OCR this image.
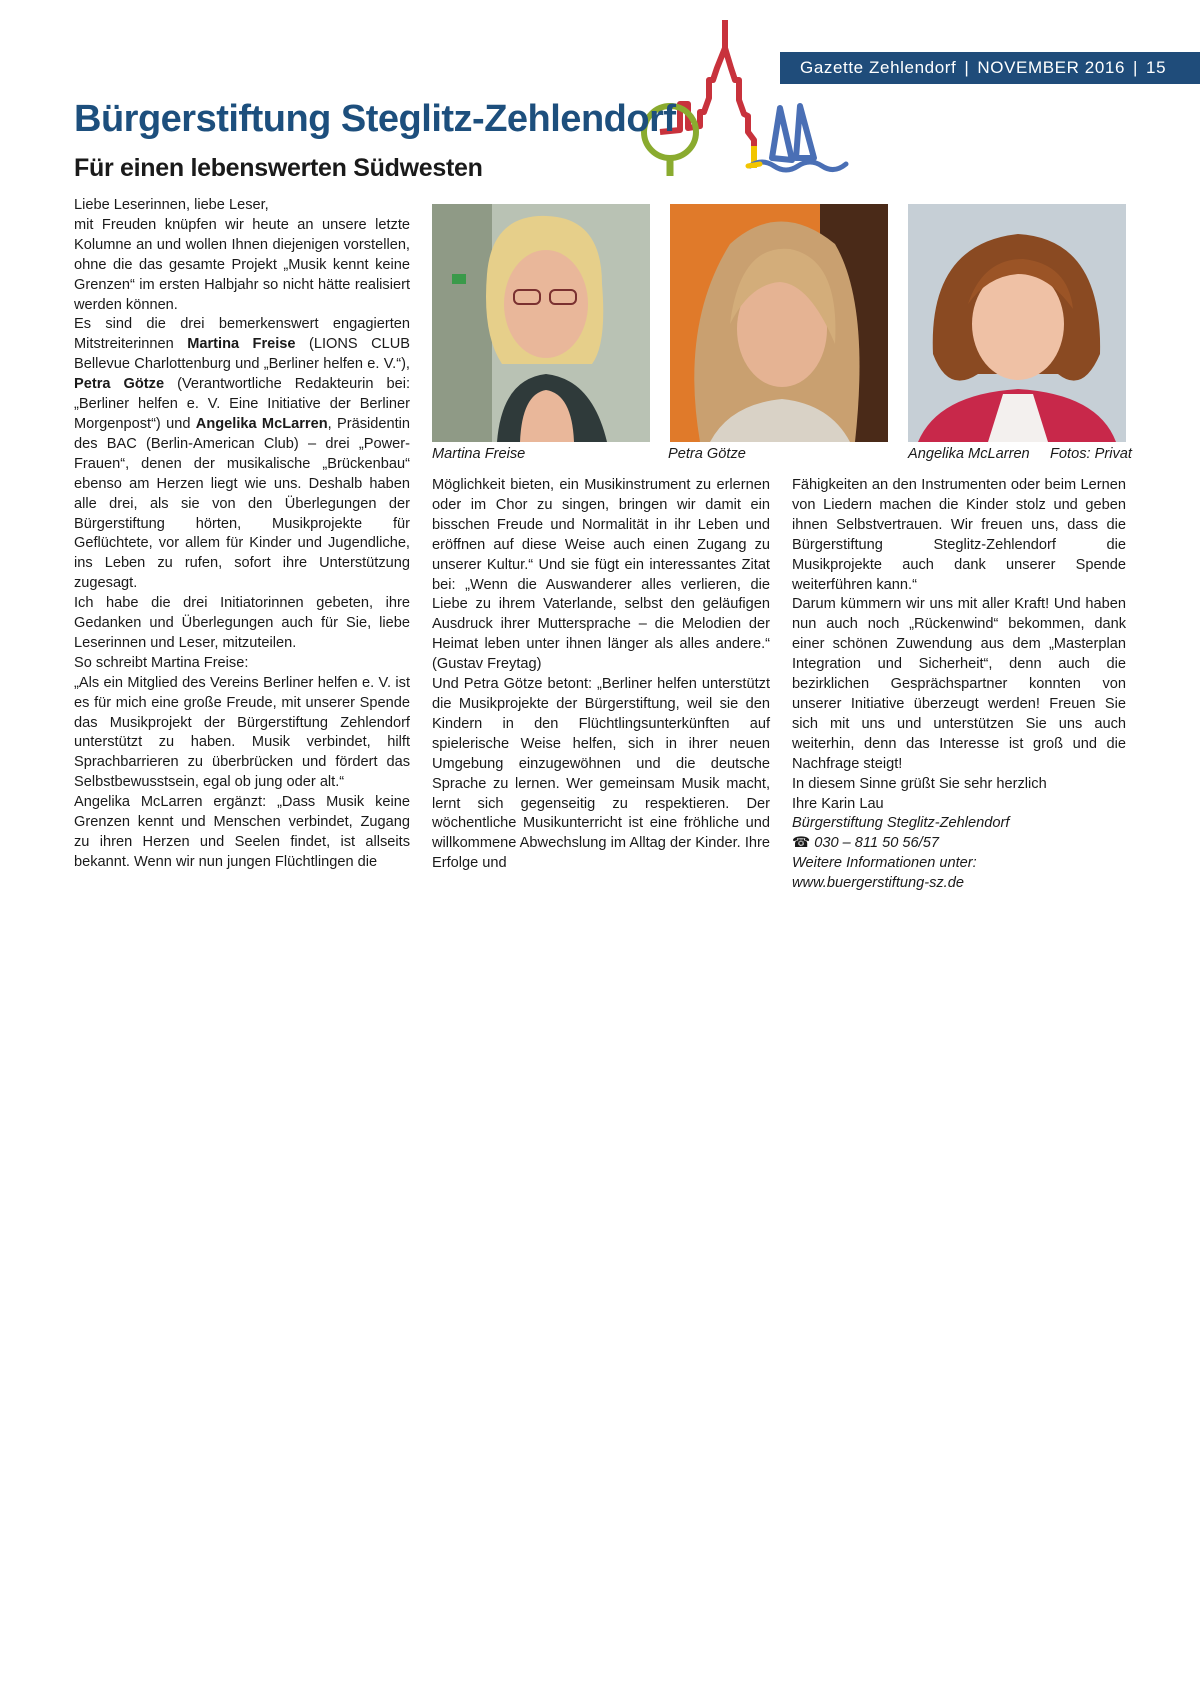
Gazette Zehlendorf | NOVEMBER 2016 | 15
Bürgerstiftung Steglitz-Zehlendorf
Für einen lebenswerten Südwesten

Liebe Leserinnen, liebe Leser,

mit Freuden knüpfen wir heute an unsere letzte Kolumne an und wollen Ihnen diejenigen vorstellen, ohne die das gesamte Projekt „Musik kennt keine Grenzen“ im ersten Halbjahr so nicht hätte realisiert werden können.

Es sind die drei bemerkenswert engagierten Mitstreiterinnen Martina Freise (LIONS CLUB Bellevue Charlottenburg und „Berliner helfen e. V.“), Petra Götze (Verantwortliche Redakteurin bei: „Berliner helfen e. V. Eine Initiative der Berliner Morgenpost“) und Angelika McLarren, Präsidentin des BAC (Berlin-American Club) – drei „Power-Frauen“, denen der musikalische „Brückenbau“ ebenso am Herzen liegt wie uns. Deshalb haben alle drei, als sie von den Überlegungen der Bürgerstiftung hörten, Musikprojekte für Geflüchtete, vor allem für Kinder und Jugendliche, ins Leben zu rufen, sofort ihre Unterstützung zugesagt.

Ich habe die drei Initiatorinnen gebeten, ihre Gedanken und Überlegungen auch für Sie, liebe Leserinnen und Leser, mitzuteilen.

So schreibt Martina Freise:

„Als ein Mitglied des Vereins Berliner helfen e. V. ist es für mich eine große Freude, mit unserer Spende das Musikprojekt der Bürgerstiftung Zehlendorf unterstützt zu haben. Musik verbindet, hilft Sprachbarrieren zu überbrücken und fördert das Selbstbewusstsein, egal ob jung oder alt.“

Angelika McLarren ergänzt: „Dass Musik keine Grenzen kennt und Menschen verbindet, Zugang zu ihren Herzen und Seelen findet, ist allseits bekannt. Wenn wir nun jungen Flüchtlingen die

Martina Freise	Petra Götze	Angelika McLarren Fotos: Privat

Möglichkeit bieten, ein Musikinstrument zu erlernen oder im Chor zu singen, bringen wir damit ein bisschen Freude und Normalität in ihr Leben und eröffnen auf diese Weise auch einen Zugang zu unserer Kultur.“ Und sie fügt ein interessantes Zitat bei: „Wenn die Auswanderer alles verlieren, die Liebe zu ihrem Vaterlande, selbst den geläufigen Ausdruck ihrer Muttersprache – die Melodien der Heimat leben unter ihnen länger als alles andere.“ (Gustav Freytag)

Und Petra Götze betont: „Berliner helfen unterstützt die Musikprojekte der Bürgerstiftung, weil sie den Kindern in den Flüchtlingsunterkünften auf spielerische Weise helfen, sich in ihrer neuen Umgebung einzugewöhnen und die deutsche Sprache zu lernen. Wer gemeinsam Musik macht, lernt sich gegenseitig zu respektieren. Der wöchentliche Musikunterricht ist eine fröhliche und willkommene Abwechslung im Alltag der Kinder. Ihre Erfolge und

Fähigkeiten an den Instrumenten oder beim Lernen von Liedern machen die Kinder stolz und geben ihnen Selbstvertrauen. Wir freuen uns, dass die Bürgerstiftung Steglitz-Zehlendorf die Musikprojekte auch dank unserer Spende weiterführen kann.“

Darum kümmern wir uns mit aller Kraft! Und haben nun auch noch „Rückenwind“ bekommen, dank einer schönen Zuwendung aus dem „Masterplan Integration und Sicherheit“, denn auch die bezirklichen Gesprächspartner konnten von unserer Initiative überzeugt werden! Freuen Sie sich mit uns und unterstützen Sie uns auch weiterhin, denn das Interesse ist groß und die Nachfrage steigt!

In diesem Sinne grüßt Sie sehr herzlich

Ihre Karin Lau

Bürgerstiftung Steglitz-Zehlendorf

☎ 030 – 811 50 56/57

Weitere Informationen unter:

www.buergerstiftung-sz.de
